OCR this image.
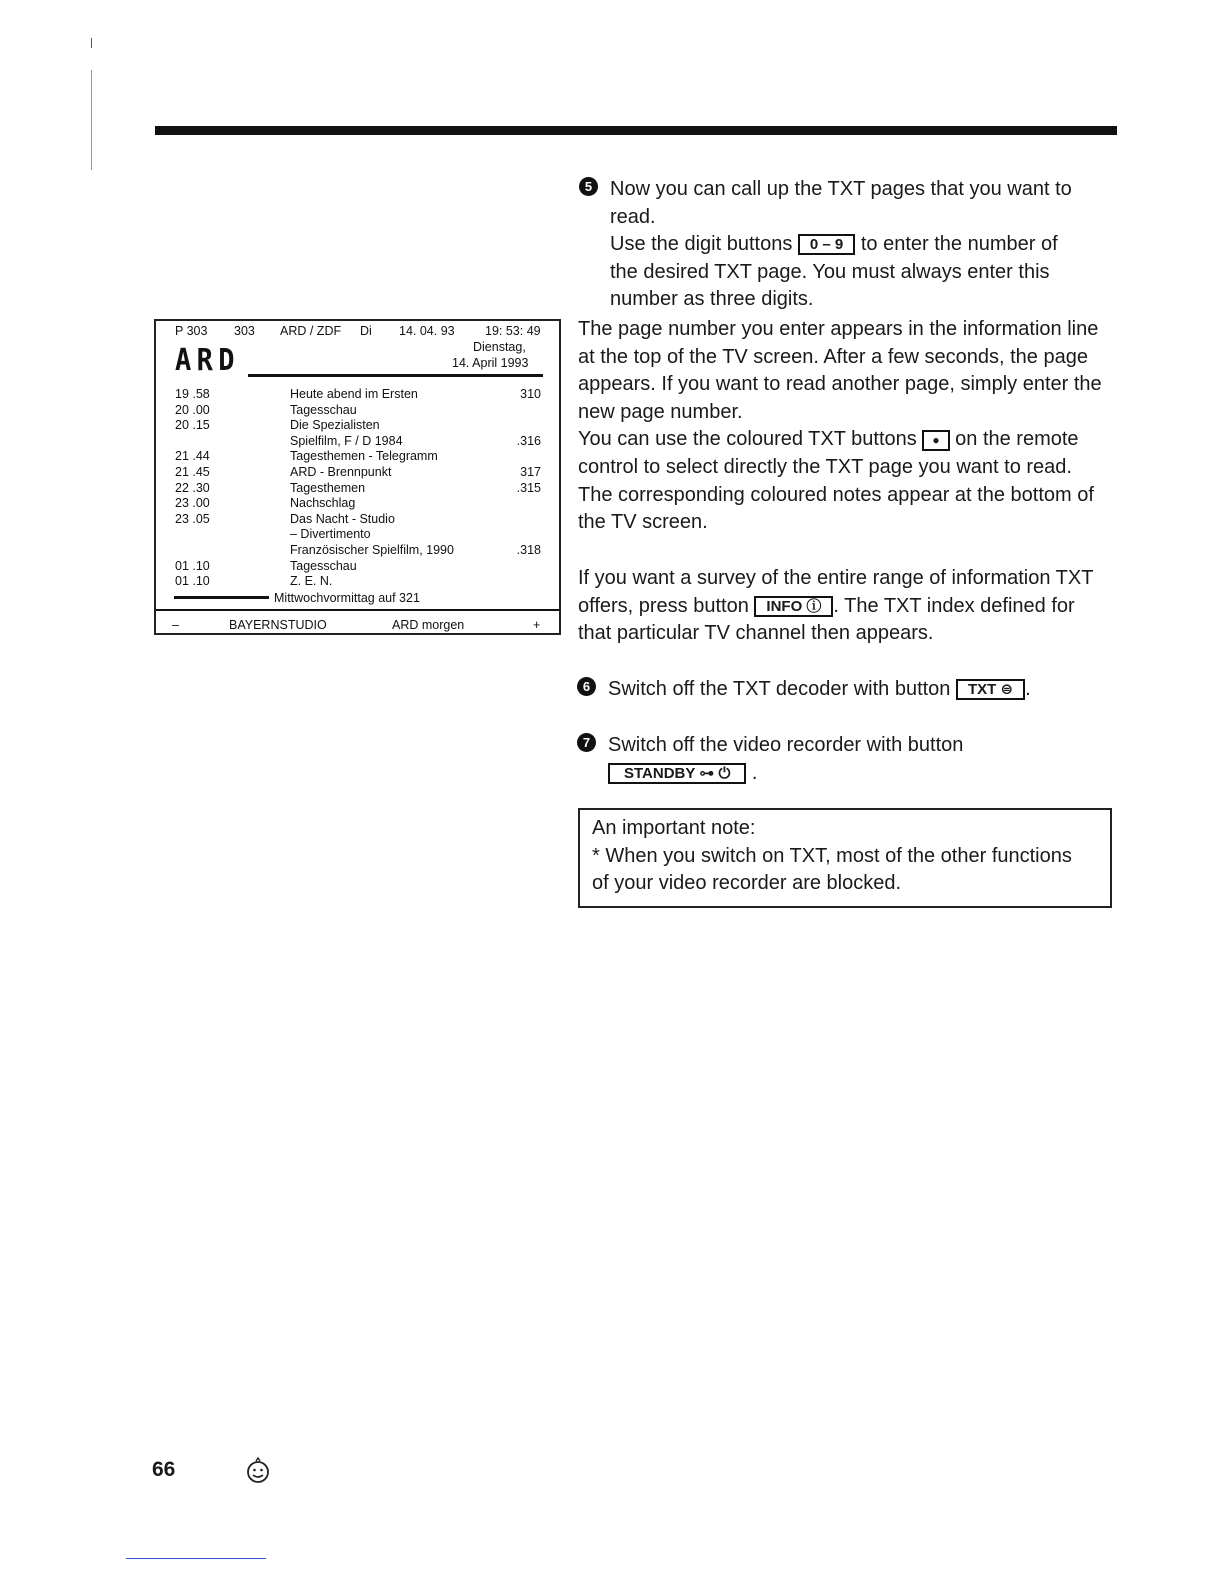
5 Now you can call up the TXT pages that you want to read.
Use the digit buttons 0 – 9 to enter the number of
the desired TXT page. You must always enter this
number as three digits.
P 303 303 ARD / ZDF Di 14. 04. 93 19: 53: 49
ARD	Dienstag,
14. April 1993
19 .58	Heute abend im Ersten	310
20 .00	Tagesschau
20 .15	Die Spezialisten
Spielfilm, F / D 1984	.316
21 .44	Tagesthemen - Telegramm
21 .45	ARD - Brennpunkt	317
22 .30	Tagesthemen	.315
23 .00	Nachschlag
23 .05	Das Nacht - Studio
– Divertimento
Französischer Spielfilm, 1990	.318
01 .10	Tagesschau
01 .10	Z. E. N.
Mittwochvormittag auf 321
–	BAYERNSTUDIO	ARD morgen	+
The page number you enter appears in the information line
at the top of the TV screen. After a few seconds, the page
appears. If you want to read another page, simply enter the
new page number.
You can use the coloured TXT buttons ● on the remote
control to select directly the TXT page you want to read.
The corresponding coloured notes appear at the bottom of
the TV screen.
If you want a survey of the entire range of information TXT
offers, press button INFO ⓘ . The TXT index defined for
that particular TV channel then appears.
6 Switch off the TXT decoder with button TXT ⊜ .
7 Switch off the video recorder with button
STANDBY ⊶ ⏻ .
An important note:
* When you switch on TXT, most of the other functions
of your video recorder are blocked.
66
